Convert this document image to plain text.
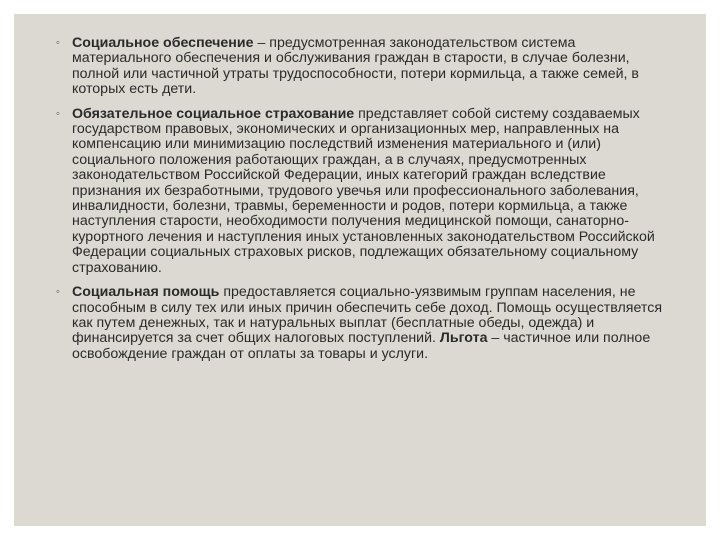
◦ Социальное обеспечение – предусмотренная законодательством система материального обеспечения и обслуживания граждан в старости, в случае болезни, полной или частичной утраты трудоспособности, потери кормильца, а также семей, в которых есть дети.
◦ Обязательное социальное страхование представляет собой систему создаваемых государством правовых, экономических и организационных мер, направленных на компенсацию или минимизацию последствий изменения материального и (или) социального положения работающих граждан, а в случаях, предусмотренных законодательством Российской Федерации, иных категорий граждан вследствие признания их безработными, трудового увечья или профессионального заболевания, инвалидности, болезни, травмы, беременности и родов, потери кормильца, а также наступления старости, необходимости получения медицинской помощи, санаторно-курортного лечения и наступления иных установленных законодательством Российской Федерации социальных страховых рисков, подлежащих обязательному социальному страхованию.
◦ Социальная помощь предоставляется социально-уязвимым группам населения, не способным в силу тех или иных причин обеспечить себе доход. Помощь осуществляется как путем денежных, так и натуральных выплат (бесплатные обеды, одежда) и финансируется за счет общих налоговых поступлений. Льгота – частичное или полное освобождение граждан от оплаты за товары и услуги.
